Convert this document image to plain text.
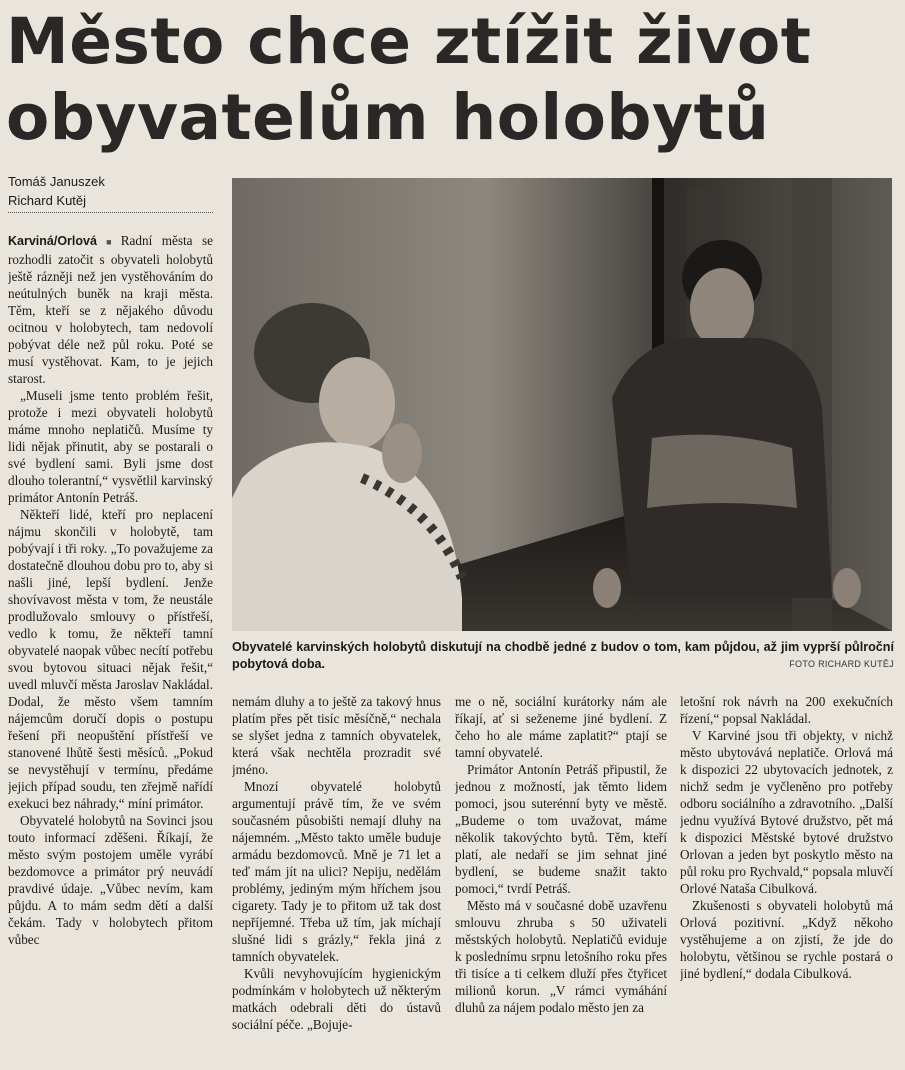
Město chce ztížit život
obyvatelům holobytů
Tomáš Januszek
Richard Kutěj

Karviná/Orlová ■ Radní města se rozhodli zatočit s obyvateli holobytů ještě rázněji než jen vystěhováním do neútulných buněk na kraji města. Těm, kteří se z nějakého důvodu ocitnou v holobytech, tam nedovolí pobývat déle než půl roku. Poté se musí vystěhovat. Kam, to je jejich starost.

„Museli jsme tento problém řešit, protože i mezi obyvateli holobytů máme mnoho neplatičů. Musíme ty lidi nějak přinutit, aby se postarali o své bydlení sami. Byli jsme dost dlouho tolerantní,“ vysvětlil karvinský primátor Antonín Petráš.

Někteří lidé, kteří pro neplacení nájmu skončili v holobytě, tam pobývají i tři roky. „To považujeme za dostatečně dlouhou dobu pro to, aby si našli jiné, lepší bydlení. Jenže shovívavost města v tom, že neustále prodlužovalo smlouvy o přístřeší, vedlo k tomu, že někteří tamní obyvatelé naopak vůbec necítí potřebu svou bytovou situaci nějak řešit,“ uvedl mluvčí města Jaroslav Nakládal. Dodal, že město všem tamním nájemcům doručí dopis o postupu řešení při neopuštění přístřeší ve stanovené lhůtě šesti měsíců. „Pokud se nevystěhují v termínu, předáme jejich případ soudu, ten zřejmě nařídí exekuci bez náhrady,“ míní primátor.

Obyvatelé holobytů na Sovinci jsou touto informací zděšeni. Říkají, že město svým postojem uměle vyrábí bezdomovce a primátor prý neuvádí pravdivé údaje. „Vůbec nevím, kam půjdu. A to mám sedm dětí a další čekám. Tady v holobytech přitom vůbec

Obyvatelé karvinských holobytů diskutují na chodbě jedné z budov o tom, kam půjdou, až jim vyprší půlroční pobytová doba.	FOTO RICHARD KUTĚJ

nemám dluhy a to ještě za takový hnus platím přes pět tisíc měsíčně,“ nechala se slyšet jedna z tamních obyvatelek, která však nechtěla prozradit své jméno.

Mnozí obyvatelé holobytů argumentují právě tím, že ve svém současném působišti nemají dluhy na nájemném. „Město takto uměle buduje armádu bezdomovců. Mně je 71 let a teď mám jít na ulici? Nepiju, nedělám problémy, jediným mým hříchem jsou cigarety. Tady je to přitom už tak dost nepříjemné. Třeba už tím, jak míchají slušné lidi s grázly,“ řekla jiná z tamních obyvatelek.

Kvůli nevyhovujícím hygienickým podmínkám v holobytech už některým matkách odebrali děti do ústavů sociální péče. „Bojuje-

me o ně, sociální kurátorky nám ale říkají, ať si seženeme jiné bydlení. Z čeho ho ale máme zaplatit?“ ptají se tamní obyvatelé.

Primátor Antonín Petráš připustil, že jednou z možností, jak těmto lidem pomoci, jsou suterénní byty ve městě. „Budeme o tom uvažovat, máme několik takovýchto bytů. Těm, kteří platí, ale nedaří se jim sehnat jiné bydlení, se budeme snažit takto pomoci,“ tvrdí Petráš.

Město má v současné době uzavřenu smlouvu zhruba s 50 uživateli městských holobytů. Neplatičů eviduje k poslednímu srpnu letošního roku přes tři tisíce a ti celkem dluží přes čtyřicet milionů korun. „V rámci vymáhání dluhů za nájem podalo město jen za

letošní rok návrh na 200 exekučních řízení,“ popsal Nakládal.

V Karviné jsou tři objekty, v nichž město ubytovává neplatiče. Orlová má k dispozici 22 ubytovacích jednotek, z nichž sedm je vyčleněno pro potřeby odboru sociálního a zdravotního. „Další jednu využívá Bytové družstvo, pět má k dispozici Městské bytové družstvo Orlovan a jeden byt poskytlo město na půl roku pro Rychvald,“ popsala mluvčí Orlové Nataša Cibulková.

Zkušenosti s obyvateli holobytů má Orlová pozitivní. „Když někoho vystěhujeme a on zjistí, že jde do holobytu, většinou se rychle postará o jiné bydlení,“ dodala Cibulková.
